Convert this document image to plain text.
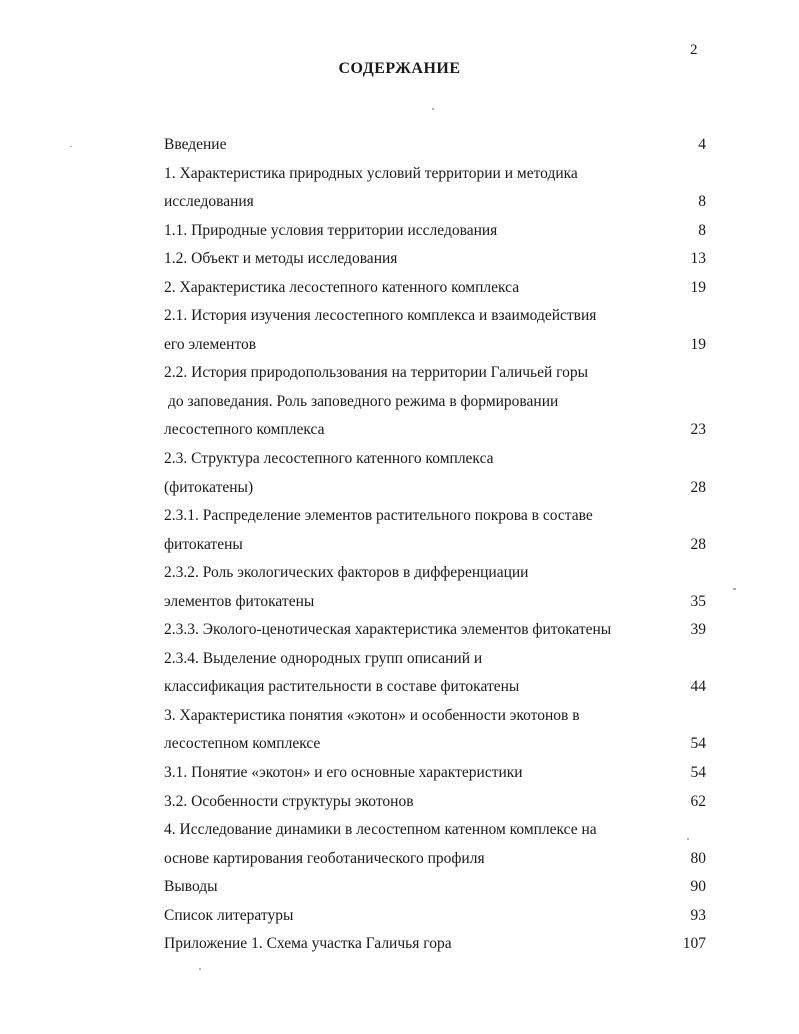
2
СОДЕРЖАНИЕ
Введение	4
1. Характеристика природных условий территории и методика
исследования	8
1.1. Природные условия территории исследования	8
1.2. Объект и методы исследования	13
2. Характеристика лесостепного катенного комплекса	19
2.1. История изучения лесостепного комплекса и взаимодействия
его элементов	19
2.2. История природопользования на территории Галичьей горы
до заповедания. Роль заповедного режима в формировании
лесостепного комплекса	23
2.3. Структура лесостепного катенного комплекса
(фитокатены)	28
2.3.1. Распределение элементов растительного покрова в составе
фитокатены	28
2.3.2. Роль экологических факторов в дифференциации
элементов фитокатены	35
2.3.3. Эколого-ценотическая характеристика элементов фитокатены	39
2.3.4. Выделение однородных групп описаний и
классификация растительности в составе фитокатены	44
3. Характеристика понятия «экотон» и особенности экотонов в
лесостепном комплексе	54
3.1. Понятие «экотон» и его основные характеристики	54
3.2. Особенности структуры экотонов	62
4. Исследование динамики в лесостепном катенном комплексе на
основе картирования геоботанического профиля	80
Выводы	90
Список литературы	93
Приложение 1. Схема участка Галичья гора	107
